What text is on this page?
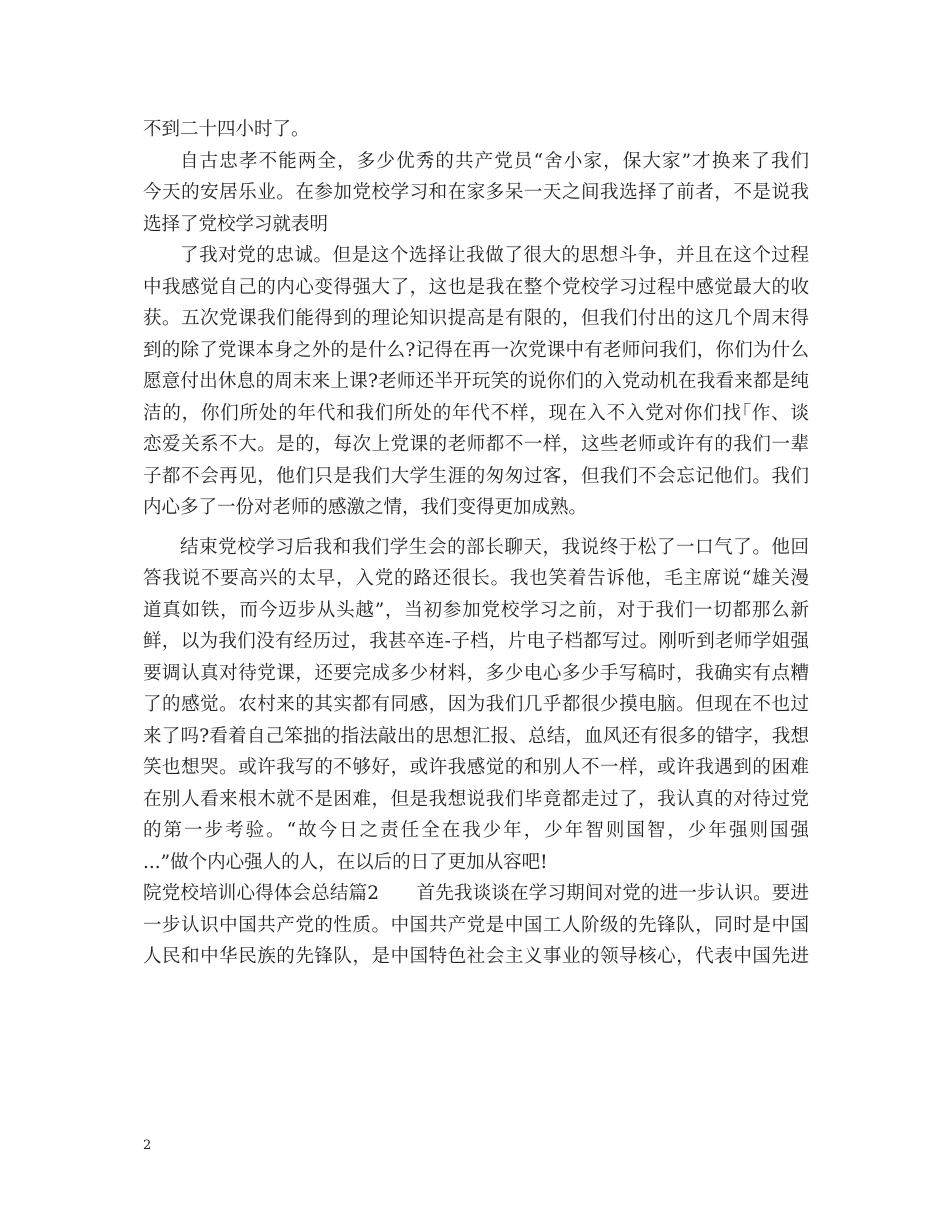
不到二十四小时了。
自古忠孝不能两全，多少优秀的共产党员“舍小家，保大家”才换来了我们
今天的安居乐业。在参加党校学习和在家多呆一天之间我选择了前者，不是说我
选择了党校学习就表明
了我对党的忠诚。但是这个选择让我做了很大的思想斗争，并且在这个过程
中我感觉自己的内心变得强大了，这也是我在整个党校学习过程中感觉最大的收
获。五次党课我们能得到的理论知识提高是有限的，但我们付出的这几个周末得
到的除了党课本身之外的是什么?记得在再一次党课中有老师问我们，你们为什么
愿意付出休息的周末来上课?老师还半开玩笑的说你们的入党动机在我看来都是纯
洁的，你们所处的年代和我们所处的年代不样，现在入不入党对你们找｢作、谈
恋爱关系不大。是的，每次上党课的老师都不一样，这些老师或许有的我们一辈
子都不会再见，他们只是我们大学生涯的匆匆过客，但我们不会忘记他们。我们
内心多了一份对老师的感激之情，我们变得更加成熟。
结束党校学习后我和我们学生会的部长聊天，我说终于松了一口气了。他回
答我说不要高兴的太早，入党的路还很长。我也笑着告诉他，毛主席说“雄关漫
道真如铁，而今迈步从头越”，当初参加党校学习之前，对于我们一切都那么新
鲜，以为我们没有经历过，我甚卒连-子档，片电子档都写过。刚听到老师学姐强
要调认真对待党课，还要完成多少材料，多少电心多少手写稿时，我确实有点糟
了的感觉。农村来的其实都有同感，因为我们几乎都很少摸电脑。但现在不也过
来了吗?看着自己笨拙的指法敲出的思想汇报、总结，血风还有很多的错字，我想
笑也想哭。或许我写的不够好，或许我感觉的和别人不一样，或许我遇到的困难
在别人看来根木就不是困难，但是我想说我们毕竟都走过了，我认真的对待过党
的第一步考验。“故今日之责任全在我少年，少年智则国智，少年强则国强
...”做个内心强人的人，在以后的日了更加从容吧!
院党校培训心得体会总结篇2　　首先我谈谈在学习期间对党的进一步认识。要进
一步认识中国共产党的性质。中国共产党是中国工人阶级的先锋队，同时是中国
人民和中华民族的先锋队，是中国特色社会主义事业的领导核心，代表中国先进
2
